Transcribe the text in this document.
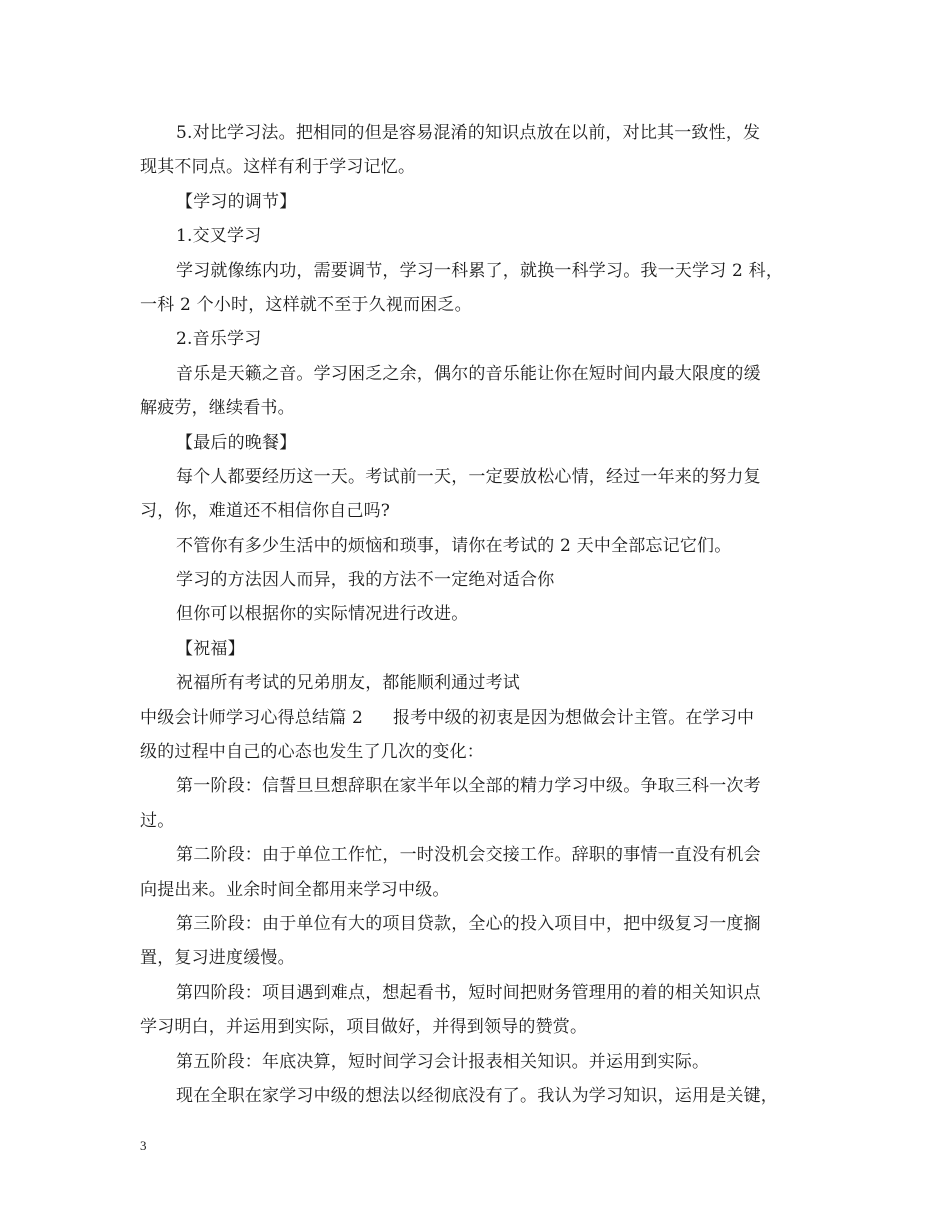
5.对比学习法。把相同的但是容易混淆的知识点放在以前，对比其一致性，发
现其不同点。这样有利于学习记忆。
【学习的调节】
1.交叉学习
学习就像练内功，需要调节，学习一科累了，就换一科学习。我一天学习 2 科，
一科 2 个小时，这样就不至于久视而困乏。
2.音乐学习
音乐是天籁之音。学习困乏之余，偶尔的音乐能让你在短时间内最大限度的缓
解疲劳，继续看书。
【最后的晚餐】
每个人都要经历这一天。考试前一天，一定要放松心情，经过一年来的努力复
习，你，难道还不相信你自己吗?
不管你有多少生活中的烦恼和琐事，请你在考试的 2 天中全部忘记它们。
学习的方法因人而异，我的方法不一定绝对适合你
但你可以根据你的实际情况进行改进。
【祝福】
祝福所有考试的兄弟朋友，都能顺利通过考试
中级会计师学习心得总结篇 2 报考中级的初衷是因为想做会计主管。在学习中
级的过程中自己的心态也发生了几次的变化：
第一阶段：信誓旦旦想辞职在家半年以全部的精力学习中级。争取三科一次考
过。
第二阶段：由于单位工作忙，一时没机会交接工作。辞职的事情一直没有机会
向提出来。业余时间全都用来学习中级。
第三阶段：由于单位有大的项目贷款，全心的投入项目中，把中级复习一度搁
置，复习进度缓慢。
第四阶段：项目遇到难点，想起看书，短时间把财务管理用的着的相关知识点
学习明白，并运用到实际，项目做好，并得到领导的赞赏。
第五阶段：年底决算，短时间学习会计报表相关知识。并运用到实际。
现在全职在家学习中级的想法以经彻底没有了。我认为学习知识，运用是关键，
3
